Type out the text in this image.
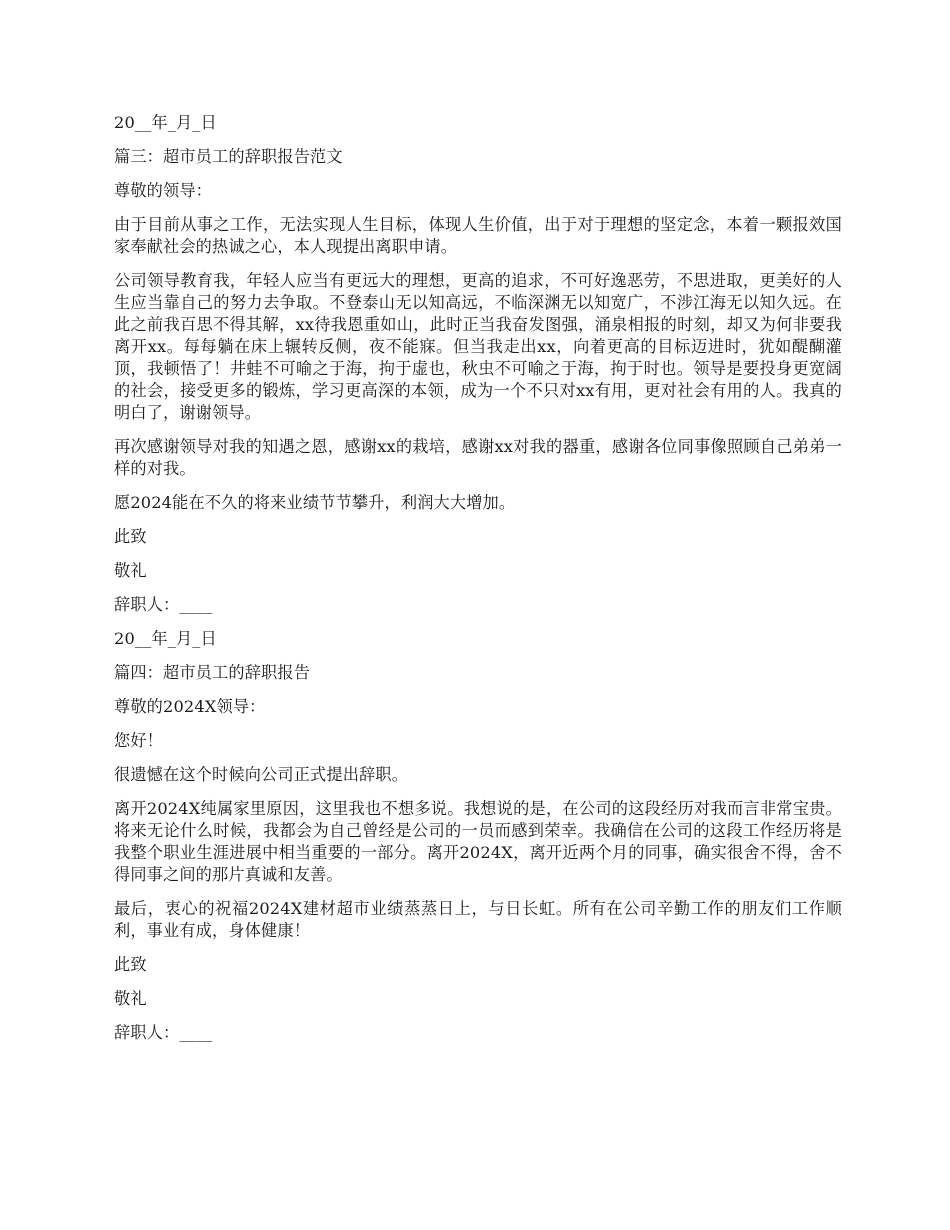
20__年_月_日

篇三：超市员工的辞职报告范文

尊敬的领导：

由于目前从事之工作，无法实现人生目标，体现人生价值，出于对于理想的坚定念，本着一颗报效国家奉献社会的热诚之心，本人现提出离职申请。

公司领导教育我，年轻人应当有更远大的理想，更高的追求，不可好逸恶劳，不思进取，更美好的人生应当靠自己的努力去争取。不登泰山无以知高远，不临深渊无以知宽广，不涉江海无以知久远。在此之前我百思不得其解，xx待我恩重如山，此时正当我奋发图强，涌泉相报的时刻，却又为何非要我离开xx。每每躺在床上辗转反侧，夜不能寐。但当我走出xx，向着更高的目标迈进时，犹如醍醐灌顶，我顿悟了！井蛙不可喻之于海，拘于虚也，秋虫不可喻之于海，拘于时也。领导是要投身更宽阔的社会，接受更多的锻炼，学习更高深的本领，成为一个不只对xx有用，更对社会有用的人。我真的明白了，谢谢领导。

再次感谢领导对我的知遇之恩，感谢xx的栽培，感谢xx对我的器重，感谢各位同事像照顾自己弟弟一样的对我。

愿2024能在不久的将来业绩节节攀升，利润大大增加。

此致

敬礼

辞职人：____

20__年_月_日

篇四：超市员工的辞职报告

尊敬的2024X领导：

您好！

很遗憾在这个时候向公司正式提出辞职。

离开2024X纯属家里原因，这里我也不想多说。我想说的是，在公司的这段经历对我而言非常宝贵。将来无论什么时候，我都会为自己曾经是公司的一员而感到荣幸。我确信在公司的这段工作经历将是我整个职业生涯进展中相当重要的一部分。离开2024X，离开近两个月的同事，确实很舍不得，舍不得同事之间的那片真诚和友善。

最后，衷心的祝福2024X建材超市业绩蒸蒸日上，与日长虹。所有在公司辛勤工作的朋友们工作顺利，事业有成，身体健康！

此致

敬礼

辞职人：____
